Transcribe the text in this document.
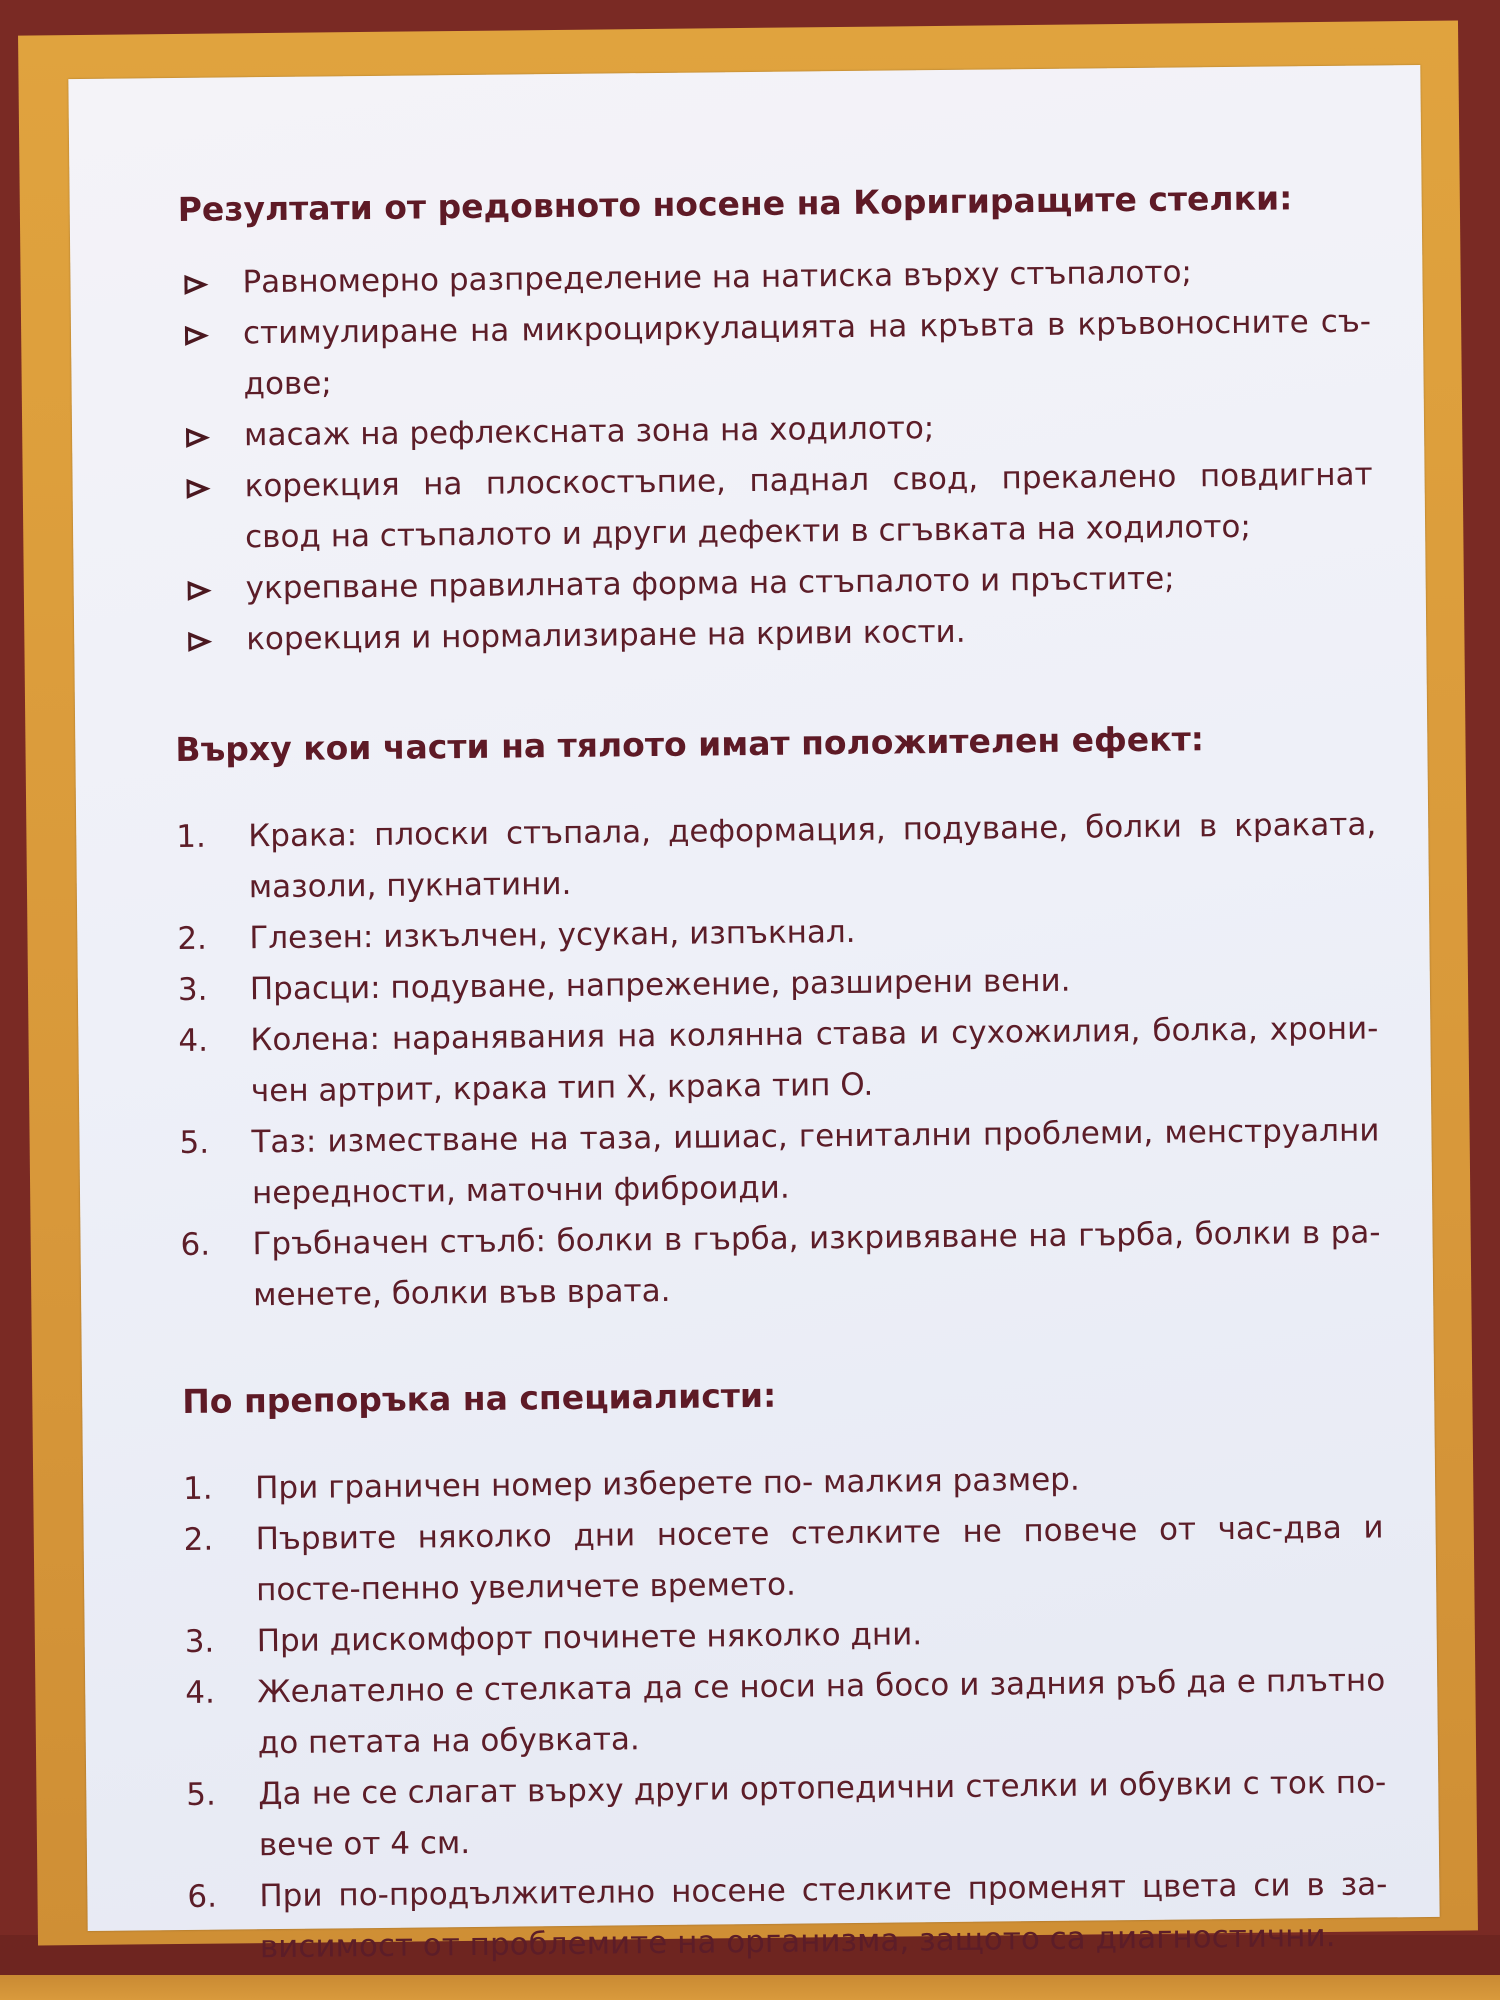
Резултати от редовното носене на Коригиращите стелки:
Равномерно разпределение на натиска върху стъпалото;
стимулиране на микроциркулацията на кръвта в кръвоносните съ-дове;
масаж на рефлексната зона на ходилото;
корекция на плоскостъпие, паднал свод, прекалено повдигнат свод на стъпалото и други дефекти в сгъвката на ходилото;
укрепване правилната форма на стъпалото и пръстите;
корекция и нормализиране на криви кости.
Върху кои части на тялото имат положителен ефект:
1.	Крака: плоски стъпала, деформация, подуване, болки в краката, мазоли, пукнатини.
2.	Глезен: изкълчен, усукан, изпъкнал.
3.	Прасци: подуване, напрежение, разширени вени.
4.	Колена: наранявания на колянна става и сухожилия, болка, хрони-чен артрит, крака тип X, крака тип O.
5.	Таз: изместване на таза, ишиас, генитални проблеми, менструални нередности, маточни фиброиди.
6.	Гръбначен стълб: болки в гърба, изкривяване на гърба, болки в ра-менете, болки във врата.
По препоръка на специалисти:
1.	При граничен номер изберете по- малкия размер.
2.	Първите няколко дни носете стелките не повече от час-два и посте-пенно увеличете времето.
3.	При дискомфорт починете няколко дни.
4.	Желателно е стелката да се носи на босо и задния ръб да е плътно до петата на обувката.
5.	Да не се слагат върху други ортопедични стелки и обувки с ток по-вече от 4 см.
6.	При по-продължително носене стелките променят цвета си в за-висимост от проблемите на организма, защото са диагностични.
